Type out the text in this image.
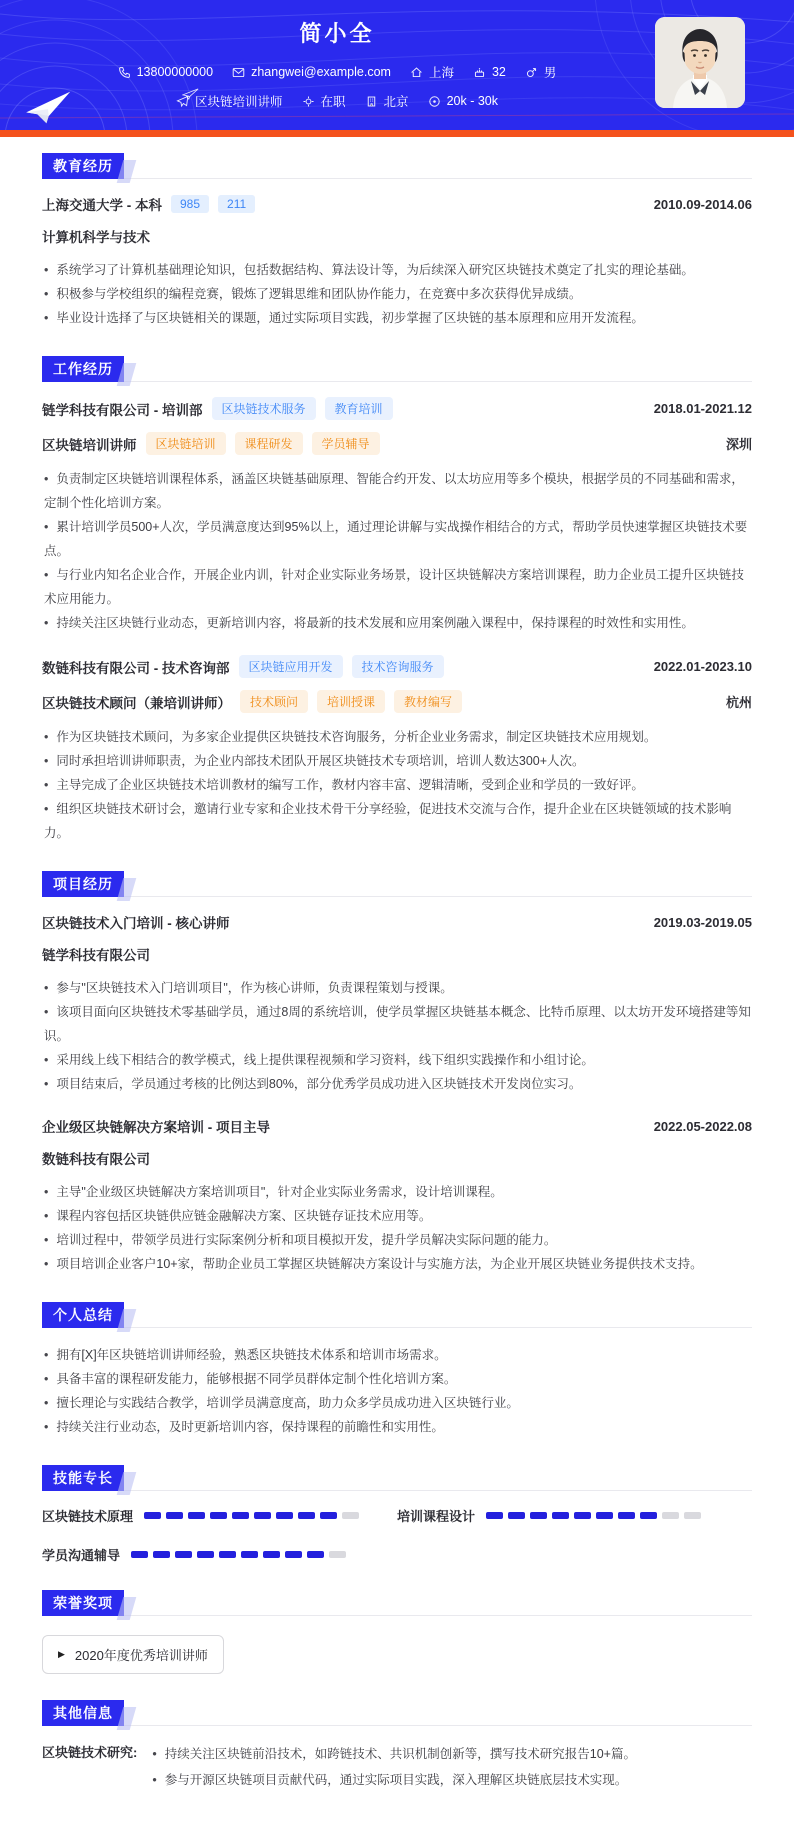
简小全
13800000000	zhangwei@example.com	上海	32	男
区块链培训讲师	在职	北京	20k - 30k
教育经历
上海交通大学 - 本科	985	211	2010.09-2014.06
计算机科学与技术
• 系统学习了计算机基础理论知识，包括数据结构、算法设计等，为后续深入研究区块链技术奠定了扎实的理论基础。
• 积极参与学校组织的编程竞赛，锻炼了逻辑思维和团队协作能力，在竞赛中多次获得优异成绩。
• 毕业设计选择了与区块链相关的课题，通过实际项目实践，初步掌握了区块链的基本原理和应用开发流程。
工作经历
链学科技有限公司 - 培训部	区块链技术服务	教育培训	2018.01-2021.12
区块链培训讲师	区块链培训	课程研发	学员辅导	深圳
• 负责制定区块链培训课程体系，涵盖区块链基础原理、智能合约开发、以太坊应用等多个模块，根据学员的不同基础和需求，定制个性化培训方案。
• 累计培训学员500+人次，学员满意度达到95%以上，通过理论讲解与实战操作相结合的方式，帮助学员快速掌握区块链技术要点。
• 与行业内知名企业合作，开展企业内训，针对企业实际业务场景，设计区块链解决方案培训课程，助力企业员工提升区块链技术应用能力。
• 持续关注区块链行业动态，更新培训内容，将最新的技术发展和应用案例融入课程中，保持课程的时效性和实用性。
数链科技有限公司 - 技术咨询部	区块链应用开发	技术咨询服务	2022.01-2023.10
区块链技术顾问（兼培训讲师）	技术顾问	培训授课	教材编写	杭州
• 作为区块链技术顾问，为多家企业提供区块链技术咨询服务，分析企业业务需求，制定区块链技术应用规划。
• 同时承担培训讲师职责，为企业内部技术团队开展区块链技术专项培训，培训人数达300+人次。
• 主导完成了企业区块链技术培训教材的编写工作，教材内容丰富、逻辑清晰，受到企业和学员的一致好评。
• 组织区块链技术研讨会，邀请行业专家和企业技术骨干分享经验，促进技术交流与合作，提升企业在区块链领域的技术影响力。
项目经历
区块链技术入门培训 - 核心讲师	2019.03-2019.05
链学科技有限公司
• 参与"区块链技术入门培训项目"，作为核心讲师，负责课程策划与授课。
• 该项目面向区块链技术零基础学员，通过8周的系统培训，使学员掌握区块链基本概念、比特币原理、以太坊开发环境搭建等知识。
• 采用线上线下相结合的教学模式，线上提供课程视频和学习资料，线下组织实践操作和小组讨论。
• 项目结束后，学员通过考核的比例达到80%，部分优秀学员成功进入区块链技术开发岗位实习。
企业级区块链解决方案培训 - 项目主导	2022.05-2022.08
数链科技有限公司
• 主导"企业级区块链解决方案培训项目"，针对企业实际业务需求，设计培训课程。
• 课程内容包括区块链供应链金融解决方案、区块链存证技术应用等。
• 培训过程中，带领学员进行实际案例分析和项目模拟开发，提升学员解决实际问题的能力。
• 项目培训企业客户10+家，帮助企业员工掌握区块链解决方案设计与实施方法，为企业开展区块链业务提供技术支持。
个人总结
• 拥有[X]年区块链培训讲师经验，熟悉区块链技术体系和培训市场需求。
• 具备丰富的课程研发能力，能够根据不同学员群体定制个性化培训方案。
• 擅长理论与实践结合教学，培训学员满意度高，助力众多学员成功进入区块链行业。
• 持续关注行业动态，及时更新培训内容，保持课程的前瞻性和实用性。
技能专长
区块链技术原理	培训课程设计
学员沟通辅导
荣誉奖项
▶ 2020年度优秀培训讲师
其他信息
区块链技术研究:	• 持续关注区块链前沿技术，如跨链技术、共识机制创新等，撰写技术研究报告10+篇。
• 参与开源区块链项目贡献代码，通过实际项目实践，深入理解区块链底层技术实现。
